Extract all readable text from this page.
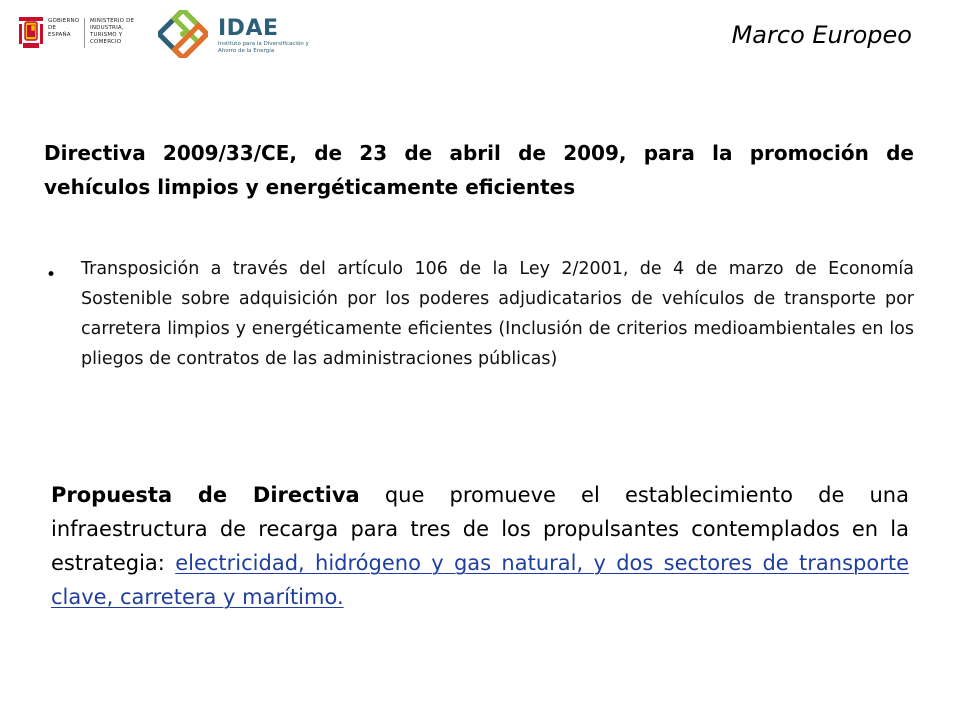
GOBIERNO DE ESPAÑA
MINISTERIO DE INDUSTRIA, TURISMO Y COMERCIO
IDAE
Instituto para la Diversificación y Ahorro de la Energía
Marco Europeo
Directiva 2009/33/CE, de 23 de abril de 2009, para la promoción de vehículos limpios y energéticamente eficientes
• Transposición a través del artículo 106 de la Ley 2/2001, de 4 de marzo de Economía Sostenible sobre adquisición por los poderes adjudicatarios de vehículos de transporte por carretera limpios y energéticamente eficientes (Inclusión de criterios medioambientales en los pliegos de contratos de las administraciones públicas)
Propuesta de Directiva que promueve el establecimiento de una infraestructura de recarga para tres de los propulsantes contemplados en la estrategia: electricidad, hidrógeno y gas natural, y dos sectores de transporte clave, carretera y marítimo.
